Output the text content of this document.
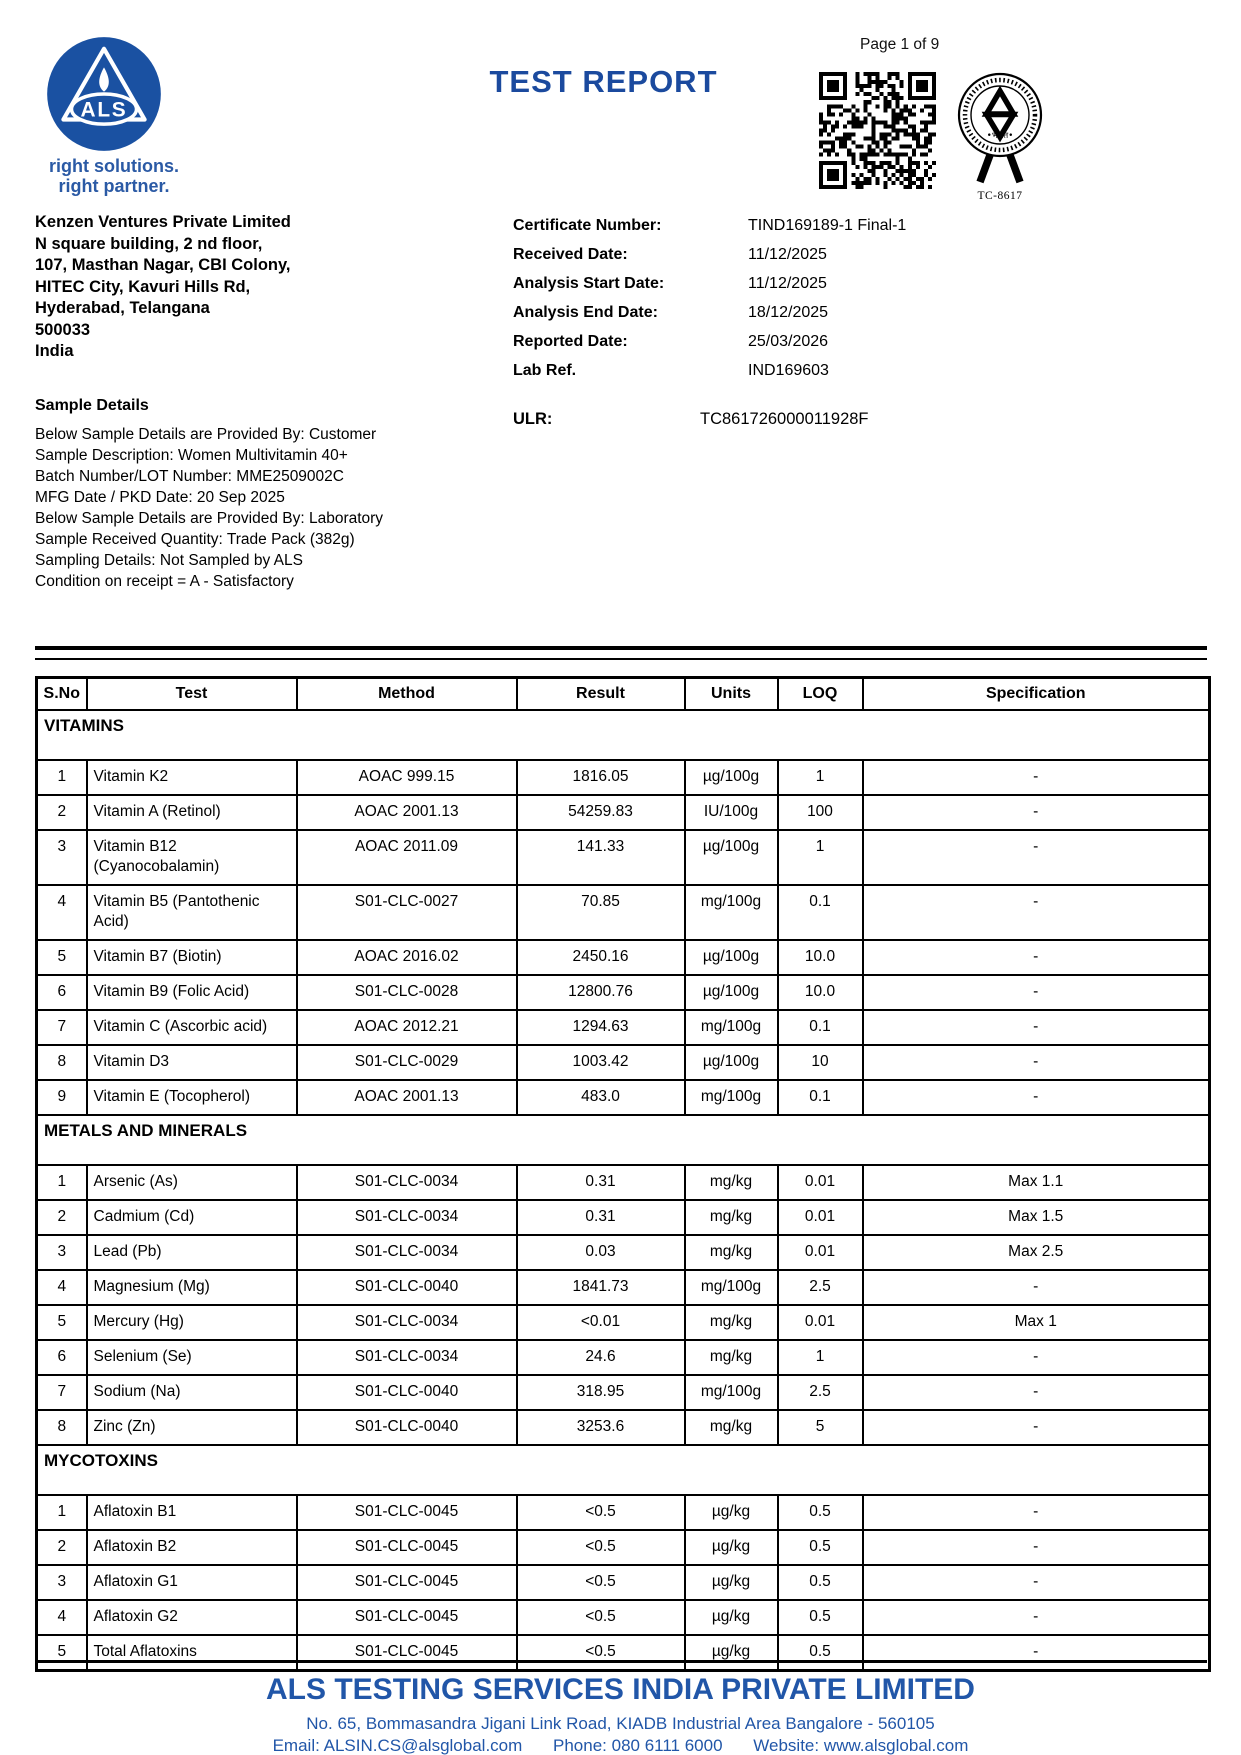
ALS
right solutions.
right partner.
TEST REPORT
Page 1 of 9
•भारत•
TC-8617
Kenzen Ventures Private Limited
N square building, 2 nd floor,
107, Masthan Nagar, CBI Colony,
HITEC City, Kavuri Hills Rd,
Hyderabad, Telangana
500033
India
Certificate Number:	TIND169189-1 Final-1
Received Date:	11/12/2025
Analysis Start Date:	11/12/2025
Analysis End Date:	18/12/2025
Reported Date:	25/03/2026
Lab Ref.	IND169603
Sample Details
Below Sample Details are Provided By: Customer
Sample Description: Women Multivitamin 40+
Batch Number/LOT Number: MME2509002C
MFG Date / PKD Date: 20 Sep 2025
Below Sample Details are Provided By: Laboratory
Sample Received Quantity: Trade Pack (382g)
Sampling Details: Not Sampled by ALS
Condition on receipt = A - Satisfactory
ULR:	TC861726000011928F
S.No	Test	Method	Result	Units	LOQ	Specification
VITAMINS						
1	Vitamin K2	AOAC 999.15	1816.05	µg/100g	1	-
2	Vitamin A (Retinol)	AOAC 2001.13	54259.83	IU/100g	100	-
3	Vitamin B12 (Cyanocobalamin)	AOAC 2011.09	141.33	µg/100g	1	-
4	Vitamin B5 (Pantothenic Acid)	S01-CLC-0027	70.85	mg/100g	0.1	-
5	Vitamin B7 (Biotin)	AOAC 2016.02	2450.16	µg/100g	10.0	-
6	Vitamin B9 (Folic Acid)	S01-CLC-0028	12800.76	µg/100g	10.0	-
7	Vitamin C (Ascorbic acid)	AOAC 2012.21	1294.63	mg/100g	0.1	-
8	Vitamin D3	S01-CLC-0029	1003.42	µg/100g	10	-
9	Vitamin E (Tocopherol)	AOAC 2001.13	483.0	mg/100g	0.1	-
METALS AND MINERALS						
1	Arsenic (As)	S01-CLC-0034	0.31	mg/kg	0.01	Max 1.1
2	Cadmium (Cd)	S01-CLC-0034	0.31	mg/kg	0.01	Max 1.5
3	Lead (Pb)	S01-CLC-0034	0.03	mg/kg	0.01	Max 2.5
4	Magnesium (Mg)	S01-CLC-0040	1841.73	mg/100g	2.5	-
5	Mercury (Hg)	S01-CLC-0034	<0.01	mg/kg	0.01	Max 1
6	Selenium (Se)	S01-CLC-0034	24.6	mg/kg	1	-
7	Sodium (Na)	S01-CLC-0040	318.95	mg/100g	2.5	-
8	Zinc (Zn)	S01-CLC-0040	3253.6	mg/kg	5	-
MYCOTOXINS						
1	Aflatoxin B1	S01-CLC-0045	<0.5	µg/kg	0.5	-
2	Aflatoxin B2	S01-CLC-0045	<0.5	µg/kg	0.5	-
3	Aflatoxin G1	S01-CLC-0045	<0.5	µg/kg	0.5	-
4	Aflatoxin G2	S01-CLC-0045	<0.5	µg/kg	0.5	-
5	Total Aflatoxins	S01-CLC-0045	<0.5	µg/kg	0.5	-
ALS TESTING SERVICES INDIA PRIVATE LIMITED
No. 65, Bommasandra Jigani Link Road, KIADB Industrial Area Bangalore - 560105
Email: ALSIN.CS@alsglobal.com Phone: 080 6111 6000 Website: www.alsglobal.com
